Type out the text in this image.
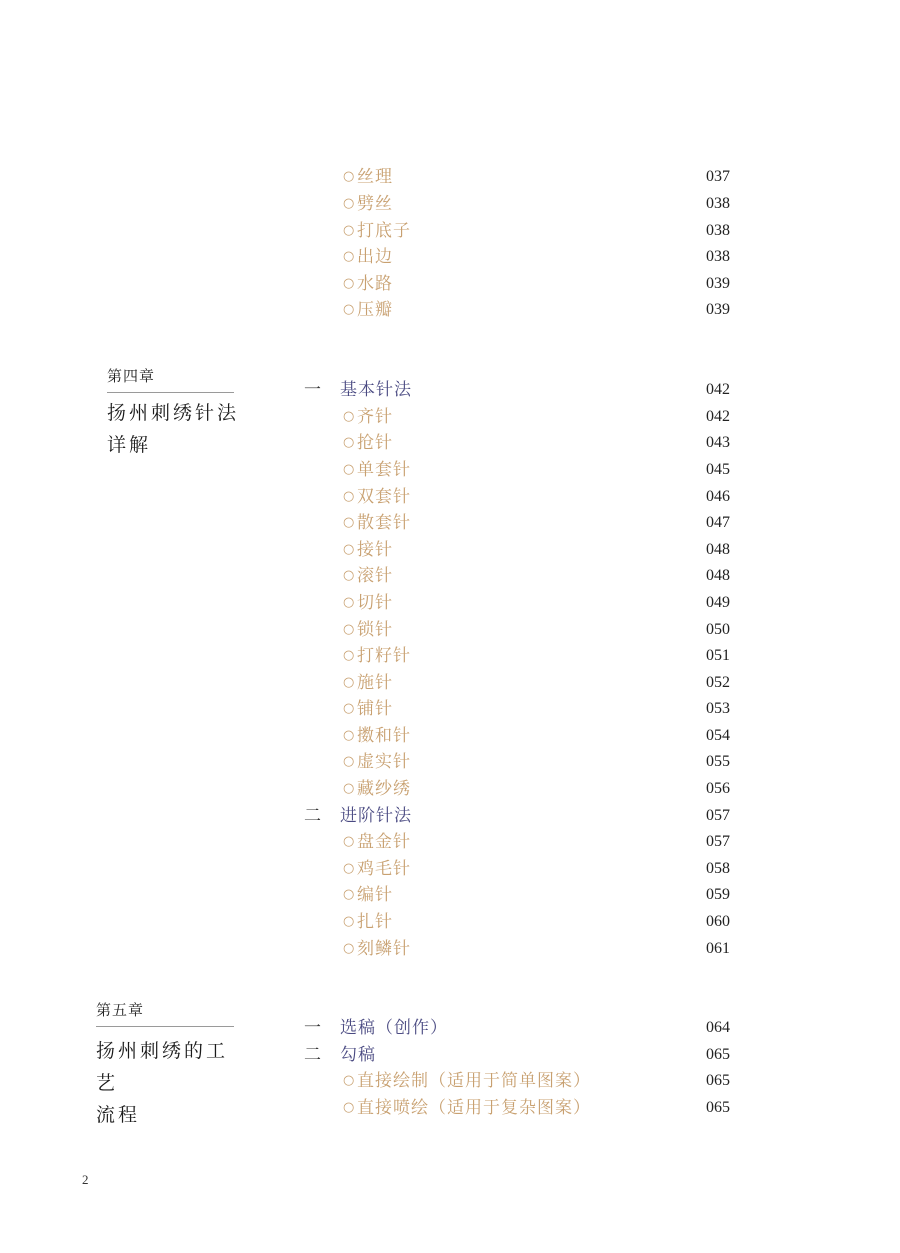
第四章
扬州刺绣针法
详解
第五章
扬州刺绣的工艺
流程
○ 丝理	037
○ 劈丝	038
○ 打底子	038
○ 出边	038
○ 水路	039
○ 压瓣	039
一 基本针法	042
○ 齐针	042
○ 抢针	043
○ 单套针	045
○ 双套针	046
○ 散套针	047
○ 接针	048
○ 滚针	048
○ 切针	049
○ 锁针	050
○ 打籽针	051
○ 施针	052
○ 铺针	053
○ 擞和针	054
○ 虚实针	055
○ 藏纱绣	056
二 进阶针法	057
○ 盘金针	057
○ 鸡毛针	058
○ 编针	059
○ 扎针	060
○ 刻鳞针	061
一 选稿（创作）	064
二 勾稿	065
○ 直接绘制（适用于简单图案）	065
○ 直接喷绘（适用于复杂图案）	065
2
